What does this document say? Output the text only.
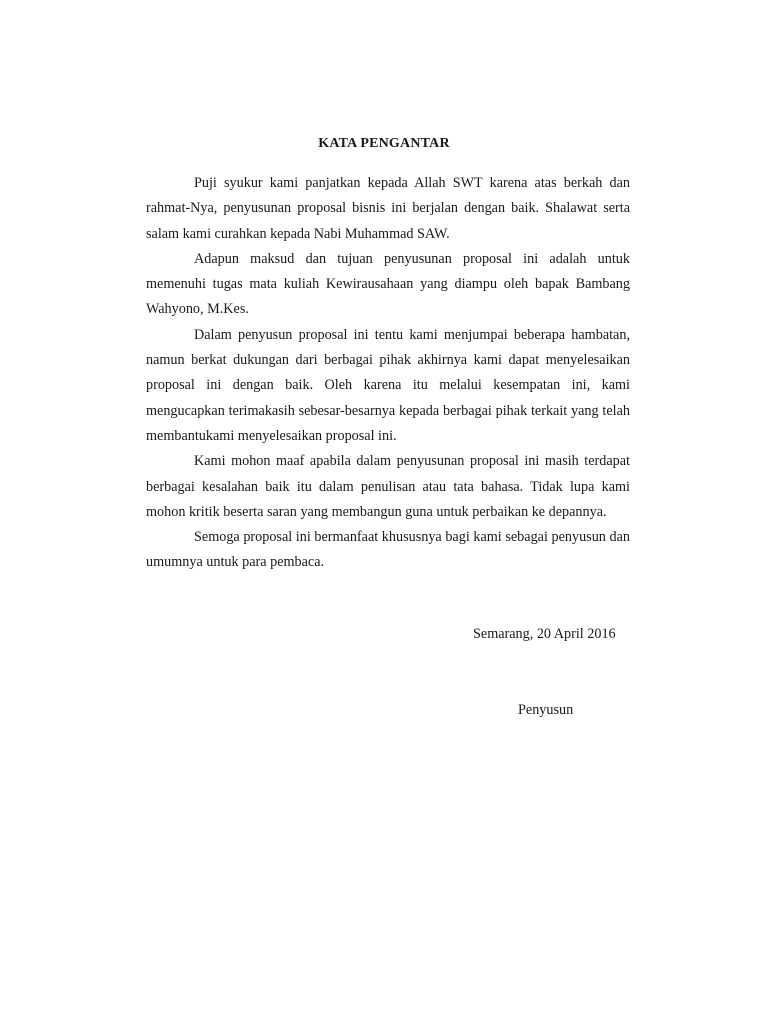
KATA PENGANTAR

Puji syukur kami panjatkan kepada Allah SWT karena atas berkah dan rahmat-Nya, penyusunan proposal bisnis ini berjalan dengan baik. Shalawat serta salam kami curahkan kepada Nabi Muhammad SAW.

Adapun maksud dan tujuan penyusunan proposal ini adalah untuk memenuhi tugas mata kuliah Kewirausahaan yang diampu oleh bapak Bambang Wahyono, M.Kes.

Dalam penyusun proposal ini tentu kami menjumpai beberapa hambatan, namun berkat dukungan dari berbagai pihak akhirnya kami dapat menyelesaikan proposal ini dengan baik. Oleh karena itu melalui kesempatan ini, kami mengucapkan terimakasih sebesar-besarnya kepada berbagai pihak terkait yang telah membantukami menyelesaikan proposal ini.

Kami mohon maaf apabila dalam penyusunan proposal ini masih terdapat berbagai kesalahan baik itu dalam penulisan atau tata bahasa. Tidak lupa kami mohon kritik beserta saran yang membangun guna untuk perbaikan ke depannya.

Semoga proposal ini bermanfaat khususnya bagi kami sebagai penyusun dan umumnya untuk para pembaca.

Semarang, 20 April 2016
Penyusun
